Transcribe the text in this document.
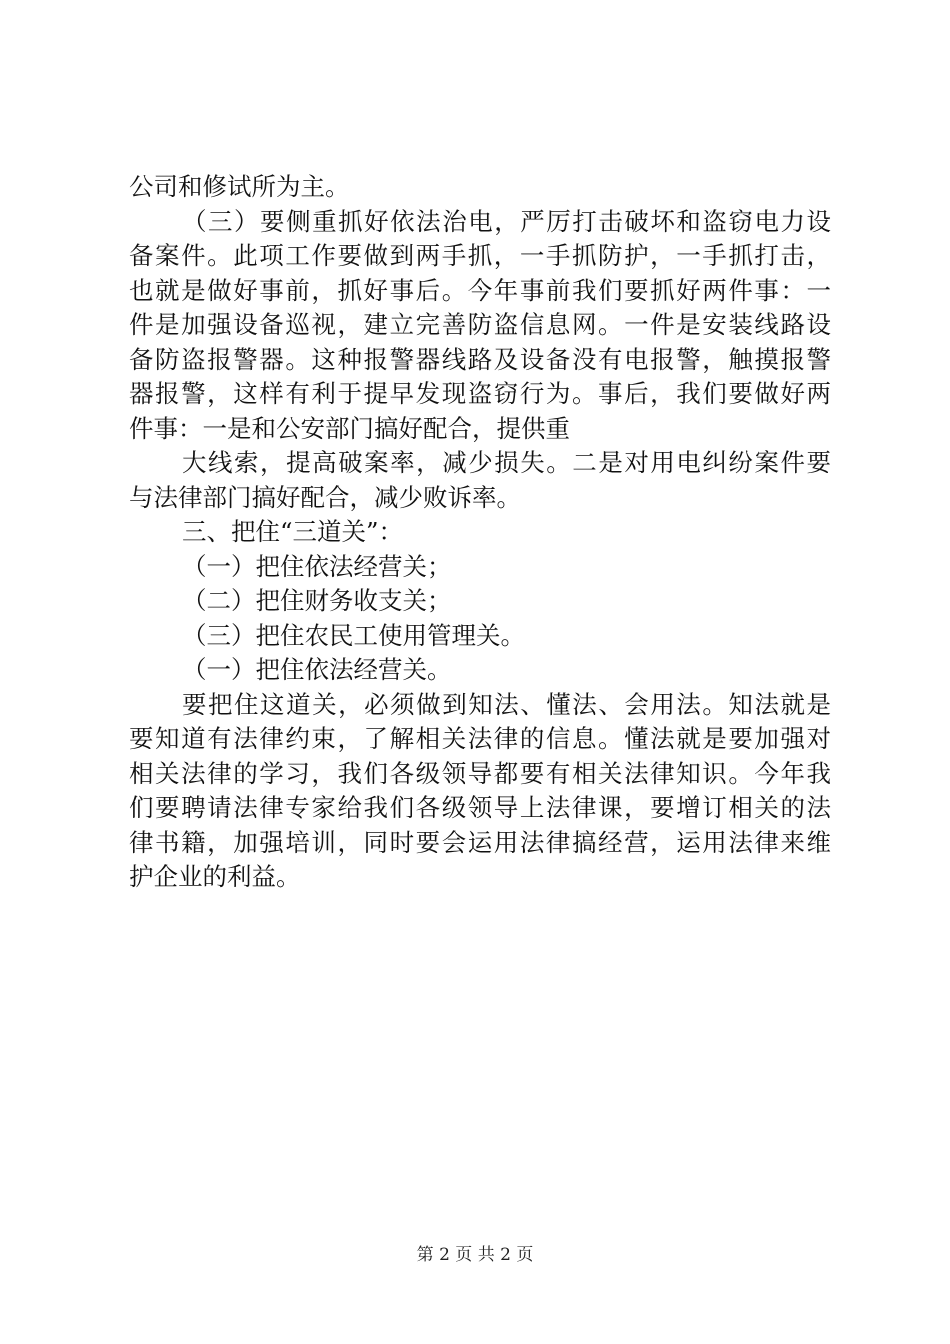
公司和修试所为主。
（三）要侧重抓好依法治电，严厉打击破坏和盗窃电力设
备案件。此项工作要做到两手抓，一手抓防护，一手抓打击，
也就是做好事前，抓好事后。今年事前我们要抓好两件事：一
件是加强设备巡视，建立完善防盗信息网。一件是安装线路设
备防盗报警器。这种报警器线路及设备没有电报警，触摸报警
器报警，这样有利于提早发现盗窃行为。事后，我们要做好两
件事：一是和公安部门搞好配合，提供重
大线索，提高破案率，减少损失。二是对用电纠纷案件要
与法律部门搞好配合，减少败诉率。
三、把住“三道关”：
（一）把住依法经营关；
（二）把住财务收支关；
（三）把住农民工使用管理关。
（一）把住依法经营关。
要把住这道关，必须做到知法、懂法、会用法。知法就是
要知道有法律约束，了解相关法律的信息。懂法就是要加强对
相关法律的学习，我们各级领导都要有相关法律知识。今年我
们要聘请法律专家给我们各级领导上法律课，要增订相关的法
律书籍，加强培训，同时要会运用法律搞经营，运用法律来维
护企业的利益。
第 2 页 共 2 页
